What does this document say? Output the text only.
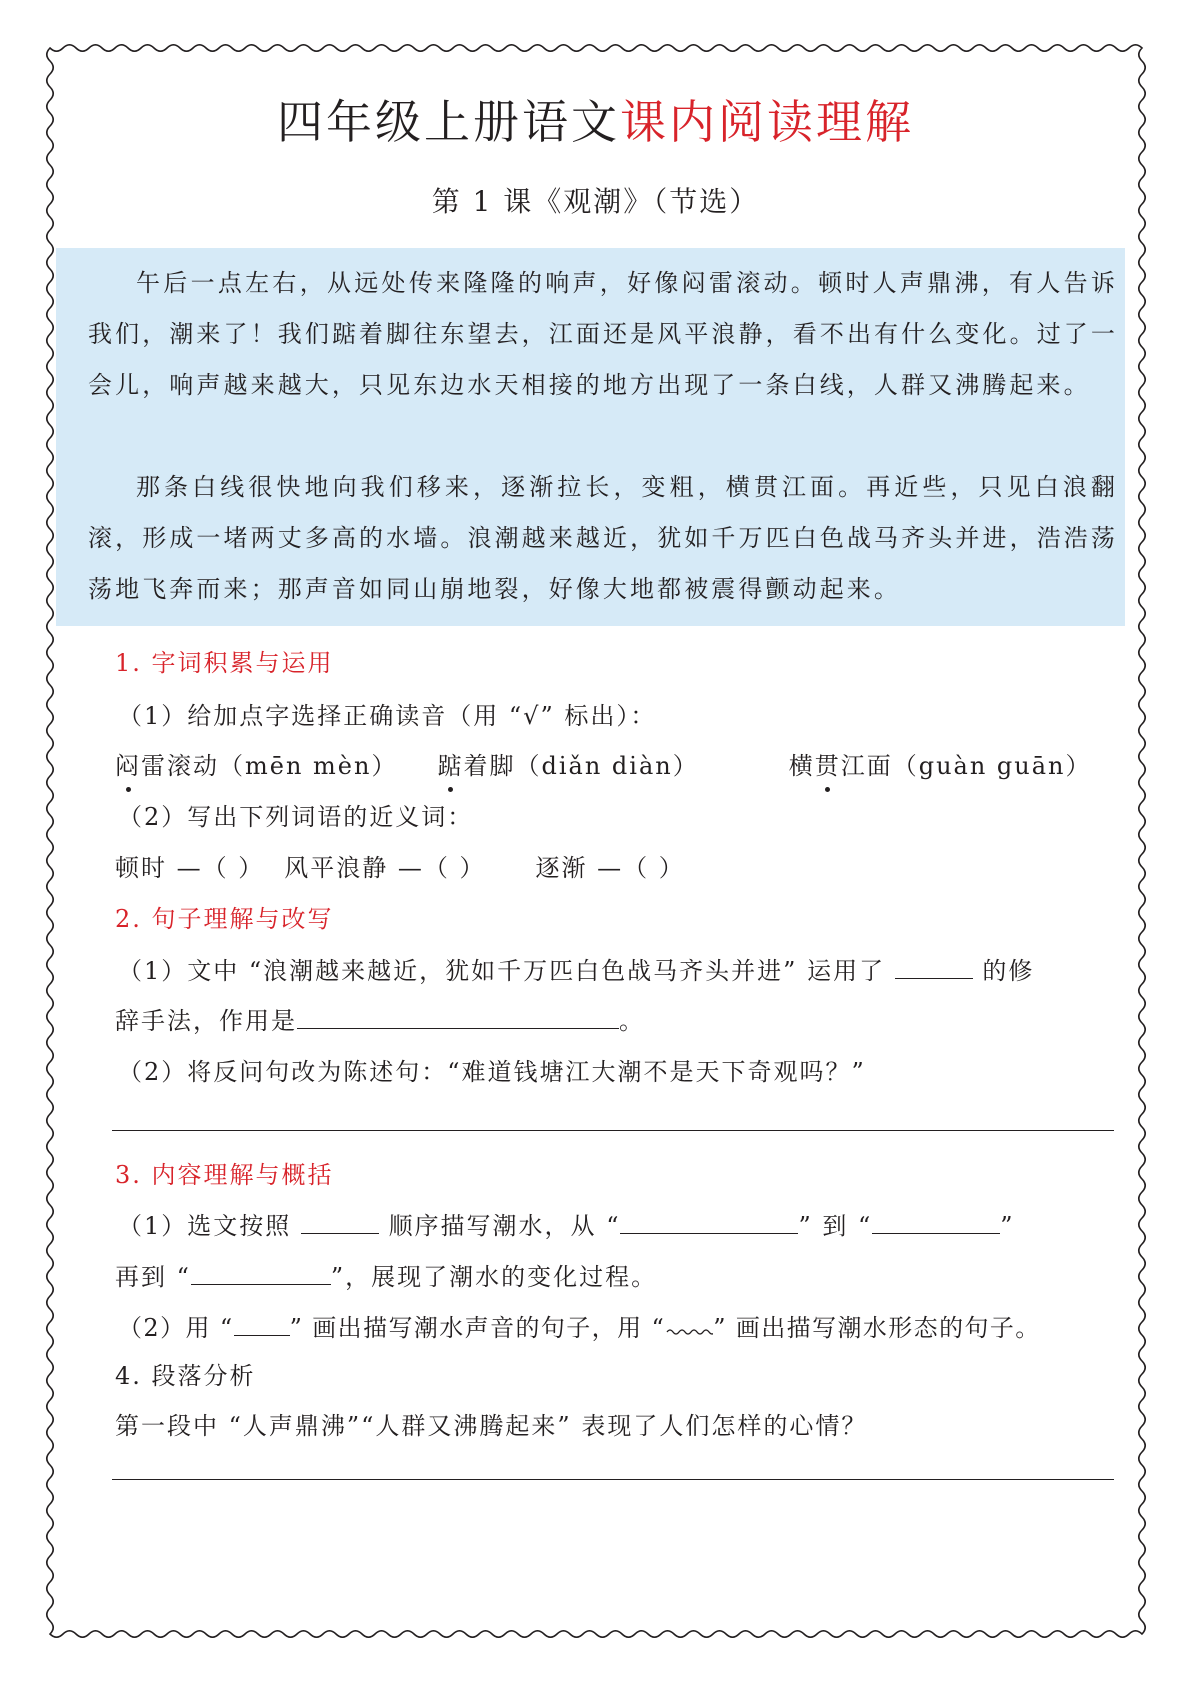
四年级上册语文课内阅读理解
第 1 课《观潮》（节选）

午后一点左右，从远处传来隆隆的响声，好像闷雷滚动。顿时人声鼎沸，有人告诉我们，潮来了！我们踮着脚往东望去，江面还是风平浪静，看不出有什么变化。过了一会儿，响声越来越大，只见东边水天相接的地方出现了一条白线，人群又沸腾起来。

那条白线很快地向我们移来，逐渐拉长，变粗，横贯江面。再近些，只见白浪翻滚，形成一堵两丈多高的水墙。浪潮越来越近，犹如千万匹白色战马齐头并进，浩浩荡荡地飞奔而来；那声音如同山崩地裂，好像大地都被震得颤动起来。

1. 字词积累与运用
（1）给加点字选择正确读音（用 “√” 标出）：
闷雷滚动（mēn mèn） 踮着脚（diǎn diàn）	横贯江面（guàn guān）
（2）写出下列词语的近义词：
顿时 —（ ） 风平浪静 —（ ） 逐渐 —（ ）
2. 句子理解与改写
（1）文中 “浪潮越来越近，犹如千万匹白色战马齐头并进” 运用了	的修
辞手法，作用是	。
（2）将反问句改为陈述句：“难道钱塘江大潮不是天下奇观吗？”
3. 内容理解与概括
（1）选文按照	顺序描写潮水，从 “	” 到 “	”
再到 “	”，展现了潮水的变化过程。
（2）用 “ ” 画出描写潮水声音的句子，用 “ ” 画出描写潮水形态的句子。
4. 段落分析
第一段中 “人声鼎沸”“人群又沸腾起来” 表现了人们怎样的心情？
